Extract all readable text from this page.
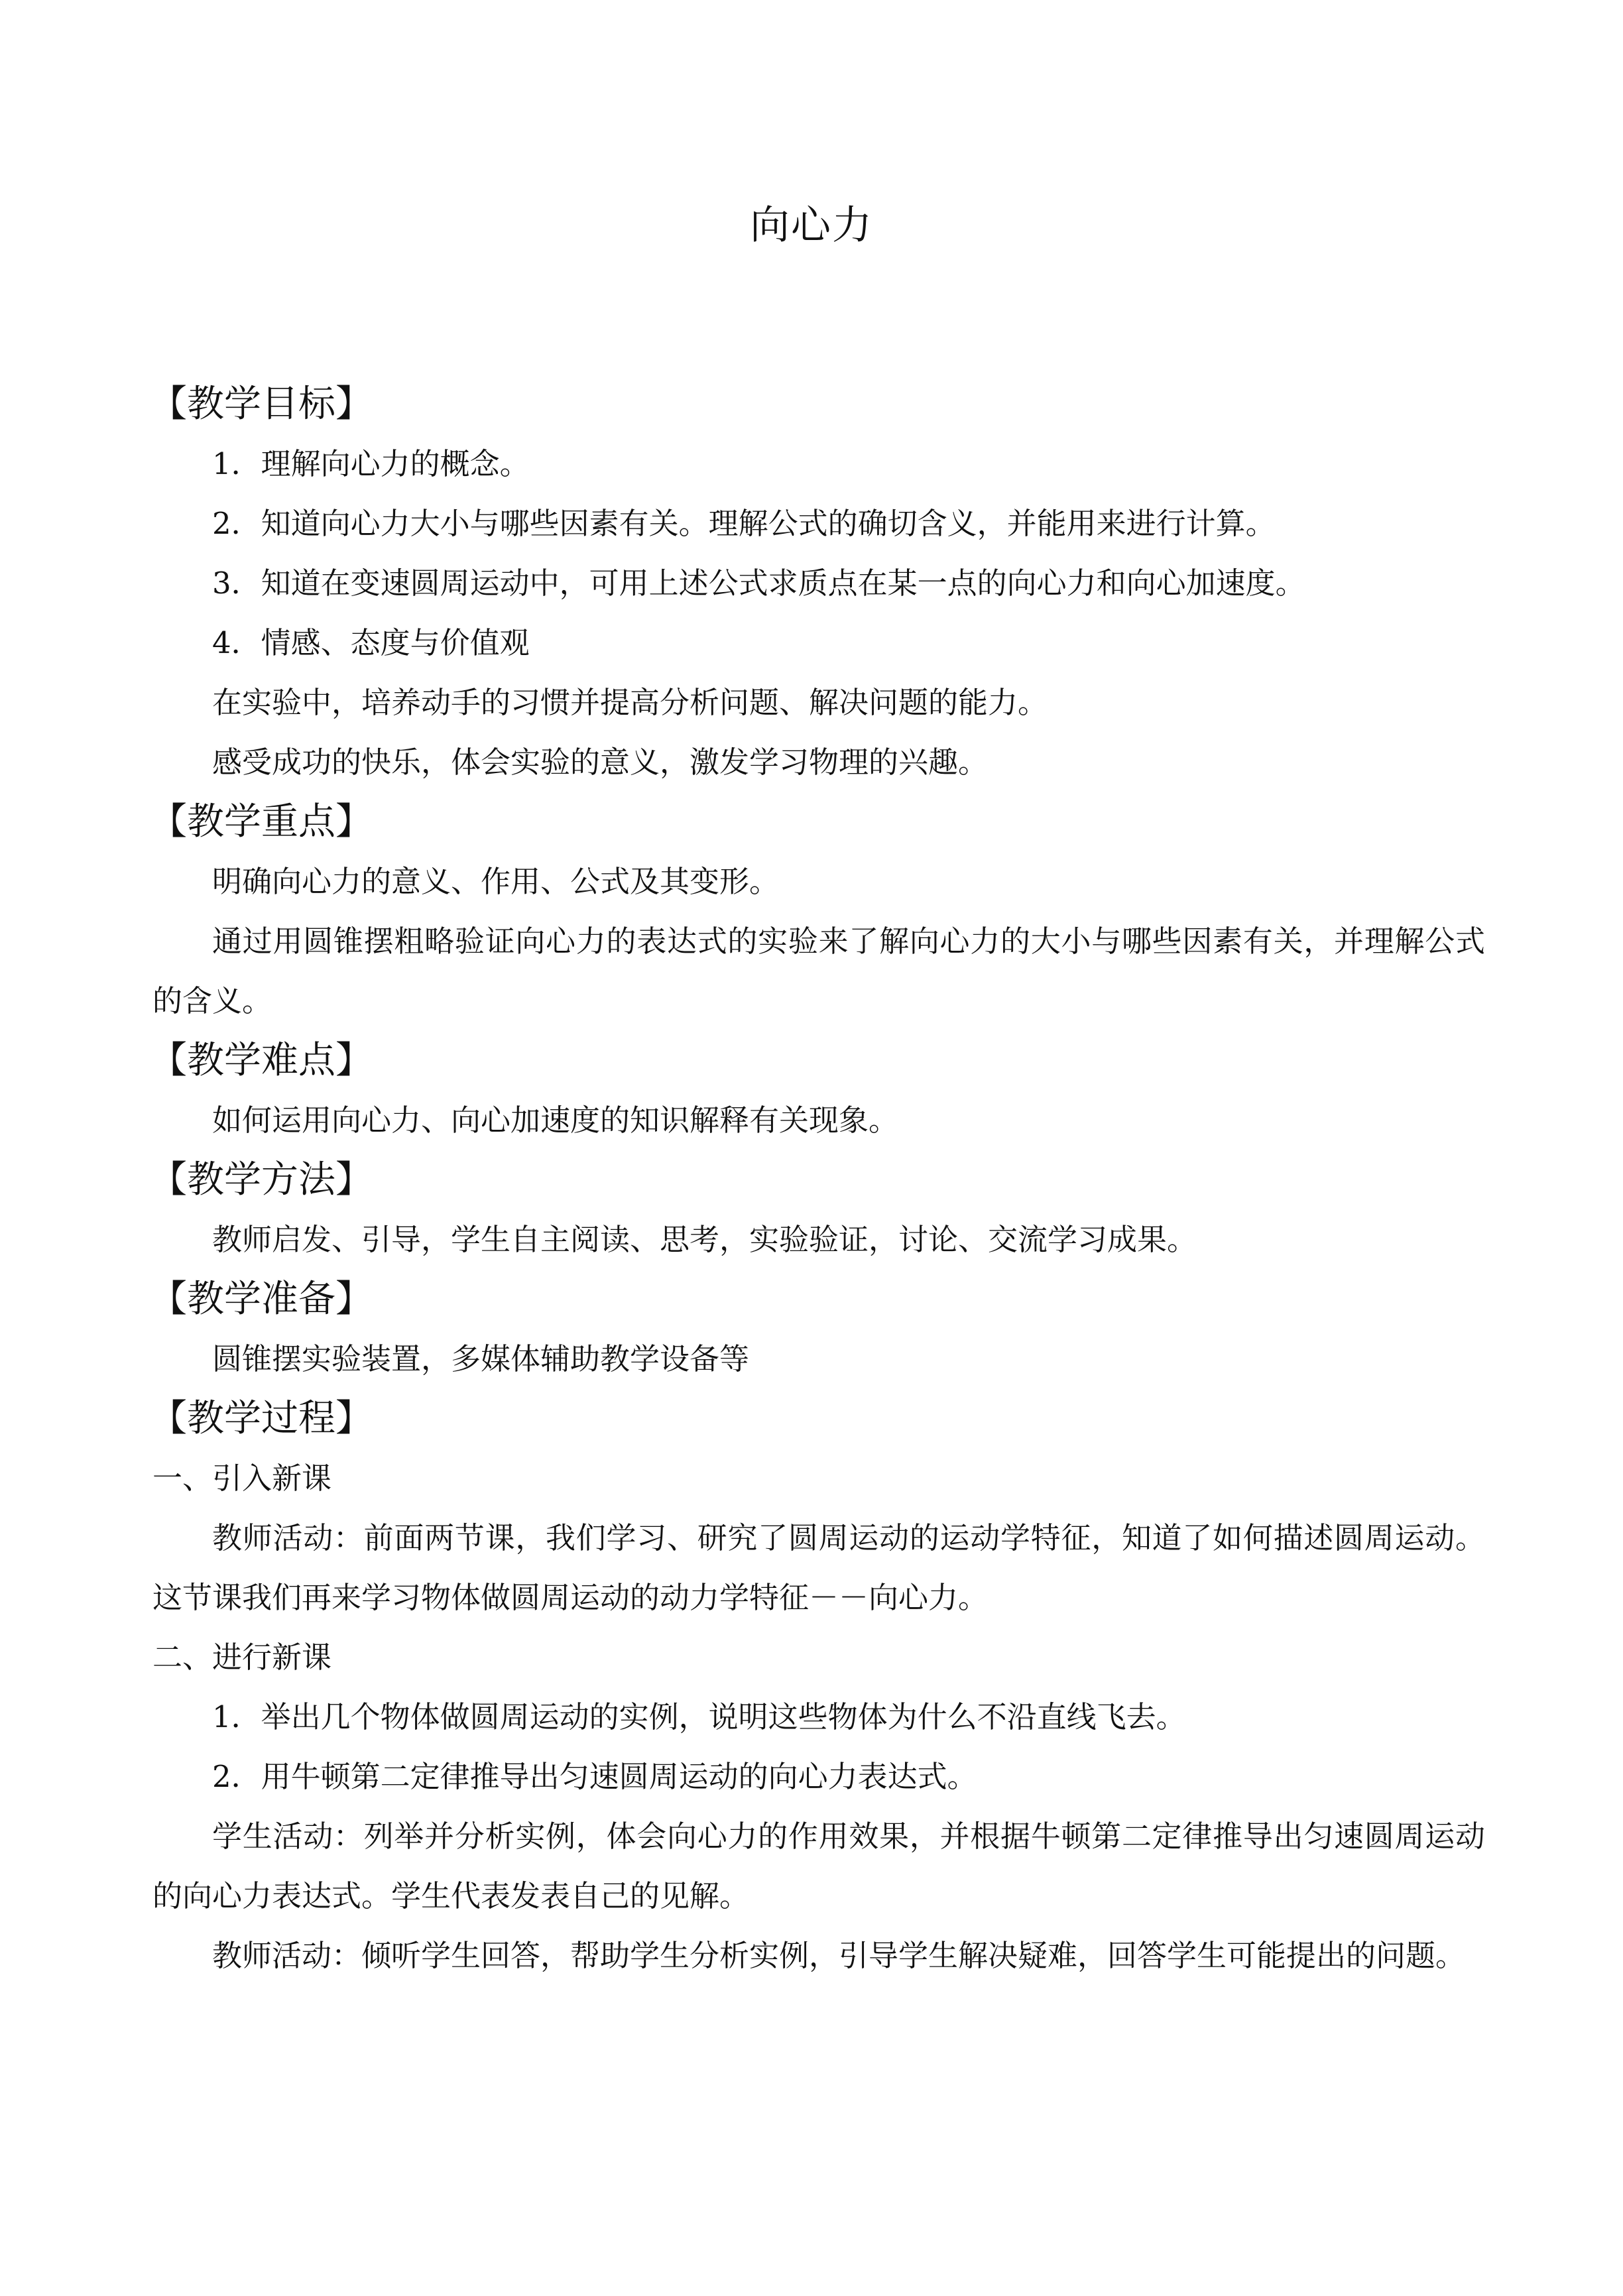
向心力
【教学目标】
1．理解向心力的概念。
2．知道向心力大小与哪些因素有关。理解公式的确切含义，并能用来进行计算。
3．知道在变速圆周运动中，可用上述公式求质点在某一点的向心力和向心加速度。
4．情感、态度与价值观
在实验中，培养动手的习惯并提高分析问题、解决问题的能力。
感受成功的快乐，体会实验的意义，激发学习物理的兴趣。
【教学重点】
明确向心力的意义、作用、公式及其变形。
通过用圆锥摆粗略验证向心力的表达式的实验来了解向心力的大小与哪些因素有关，并理解公式的含义。
【教学难点】
如何运用向心力、向心加速度的知识解释有关现象。
【教学方法】
教师启发、引导，学生自主阅读、思考，实验验证，讨论、交流学习成果。
【教学准备】
圆锥摆实验装置，多媒体辅助教学设备等
【教学过程】
一、引入新课
教师活动：前面两节课，我们学习、研究了圆周运动的运动学特征，知道了如何描述圆周运动。这节课我们再来学习物体做圆周运动的动力学特征－－向心力。
二、进行新课
1．举出几个物体做圆周运动的实例，说明这些物体为什么不沿直线飞去。
2．用牛顿第二定律推导出匀速圆周运动的向心力表达式。
学生活动：列举并分析实例，体会向心力的作用效果，并根据牛顿第二定律推导出匀速圆周运动的向心力表达式。学生代表发表自己的见解。
教师活动：倾听学生回答，帮助学生分析实例，引导学生解决疑难，回答学生可能提出的问题。
